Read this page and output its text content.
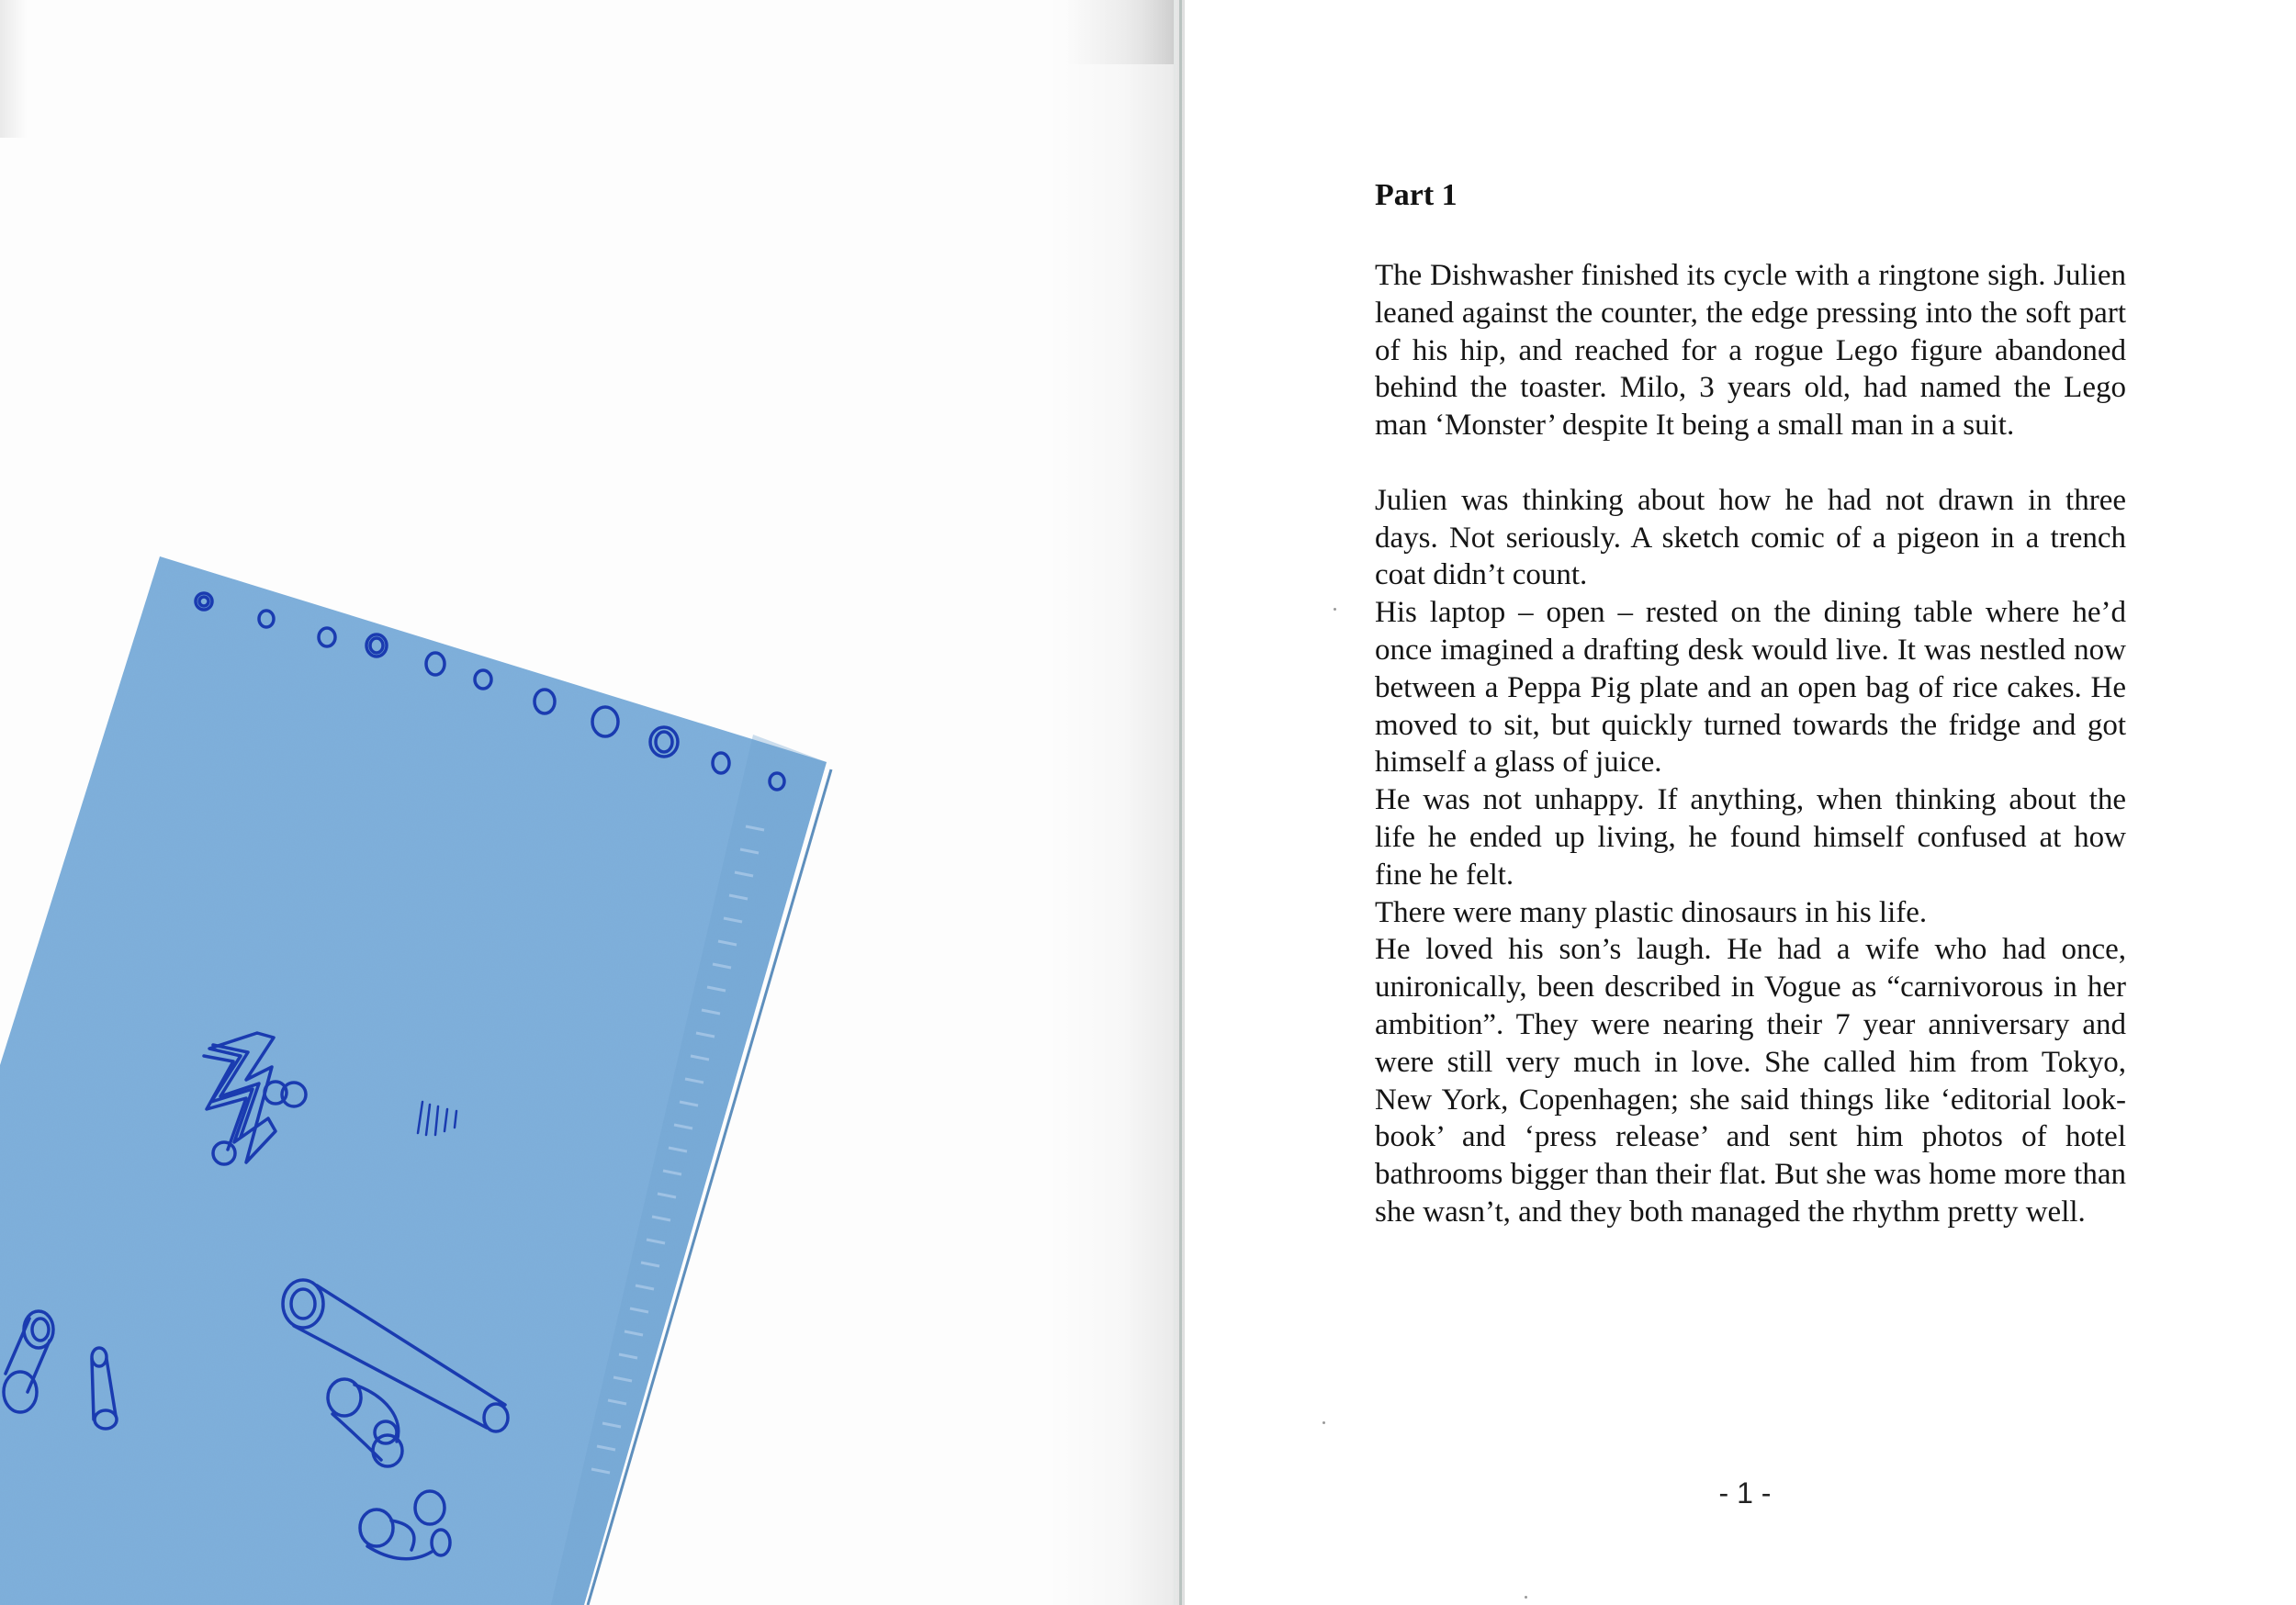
Part 1

The Dishwasher finished its cycle with a ringtone sigh. Julien leaned against the counter, the edge pressing into the soft part of his hip, and reached for a rogue Lego figure abandoned behind the toaster. Milo, 3 years old, had named the Lego man ‘Monster’ despite It being a small man in a suit.

Julien was thinking about how he had not drawn in three days. Not seriously. A sketch comic of a pigeon in a trench coat didn’t count.

His laptop – open – rested on the dining table where he’d once imagined a drafting desk would live. It was nestled now between a Peppa Pig plate and an open bag of rice cakes. He moved to sit, but quickly turned towards the fridge and got himself a glass of juice.

He was not unhappy. If anything, when thinking about the life he ended up living, he found himself confused at how fine he felt.

There were many plastic dinosaurs in his life.

He loved his son’s laugh. He had a wife who had once, unironically, been described in Vogue as “carnivorous in her ambition”. They were nearing their 7 year anniversary and were still very much in love. She called him from Tokyo, New York, Copenhagen; she said things like ‘editorial look-book’ and ‘press release’ and sent him photos of hotel bathrooms bigger than their flat. But she was home more than she wasn’t, and they both managed the rhythm pretty well.

- 1 -
